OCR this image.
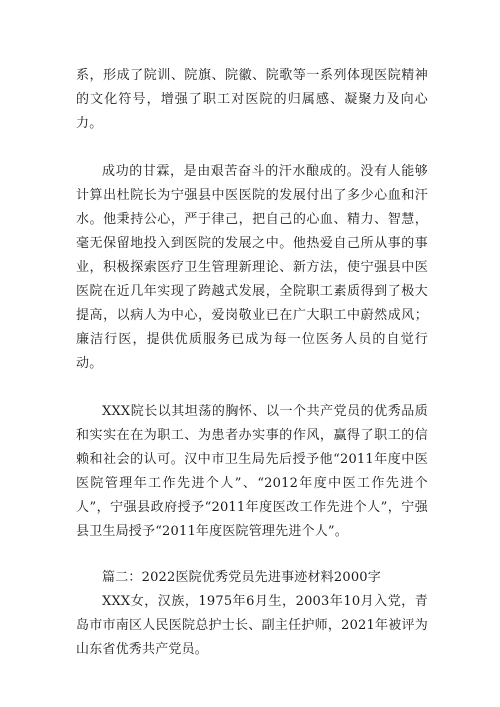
系，形成了院训、院旗、院徽、院歌等一系列体现医院精神的文化符号，增强了职工对医院的归属感、凝聚力及向心力。

成功的甘霖，是由艰苦奋斗的汗水酿成的。没有人能够计算出杜院长为宁强县中医医院的发展付出了多少心血和汗水。他秉持公心，严于律己，把自己的心血、精力、智慧，毫无保留地投入到医院的发展之中。他热爱自己所从事的事业，积极探索医疗卫生管理新理论、新方法，使宁强县中医医院在近几年实现了跨越式发展，全院职工素质得到了极大提高，以病人为中心，爱岗敬业已在广大职工中蔚然成风；廉洁行医，提供优质服务已成为每一位医务人员的自觉行动。

XXX院长以其坦荡的胸怀、以一个共产党员的优秀品质和实实在在为职工、为患者办实事的作风，赢得了职工的信赖和社会的认可。汉中市卫生局先后授予他“2011年度中医医院管理年工作先进个人”、“2012年度中医工作先进个人”，宁强县政府授予“2011年度医改工作先进个人”，宁强县卫生局授予“2011年度医院管理先进个人”。

篇二：2022医院优秀党员先进事迹材料2000字

XXX女，汉族，1975年6月生，2003年10月入党，青岛市市南区人民医院总护士长、副主任护师，2021年被评为山东省优秀共产党员。
